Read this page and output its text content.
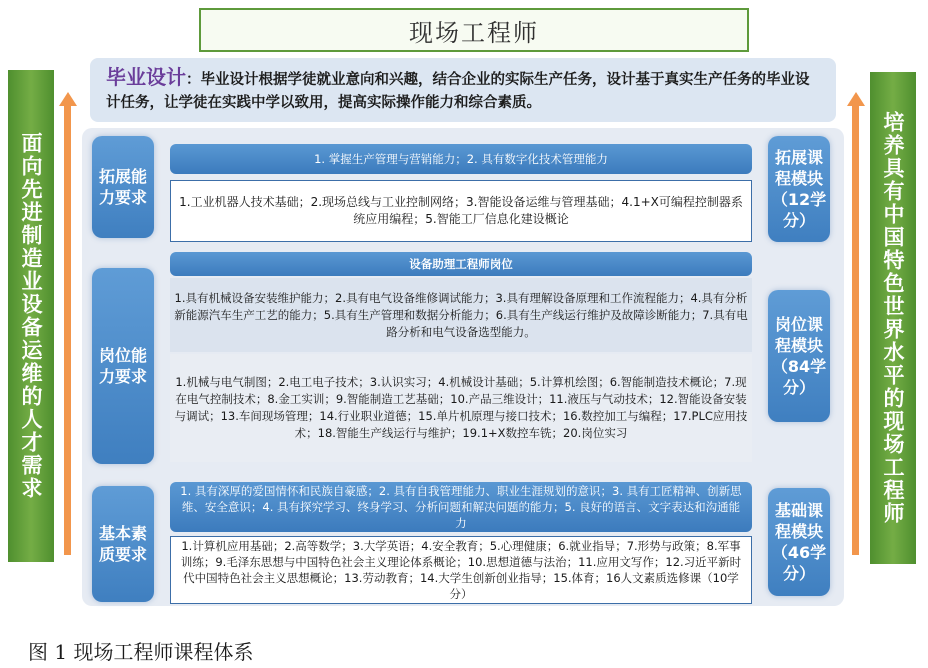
现场工程师
面向先进制造业设备运维的人才需求	培养具有中国特色世界水平的现场工程师
毕业设计：毕业设计根据学徒就业意向和兴趣，结合企业的实际生产任务，设计基于真实生产任务的毕业设计任务，让学徒在实践中学以致用，提高实际操作能力和综合素质。
拓展能力要求
1. 掌握生产管理与营销能力；2. 具有数字化技术管理能力
1.工业机器人技术基础；2.现场总线与工业控制网络；3.智能设备运维与管理基础；4.1+X可编程控制器系统应用编程；5.智能工厂信息化建设概论
拓展课程模块（12学分）
岗位能力要求
设备助理工程师岗位
1.具有机械设备安装维护能力；2.具有电气设备维修调试能力；3.具有理解设备原理和工作流程能力；4.具有分析新能源汽车生产工艺的能力；5.具有生产管理和数据分析能力；6.具有生产线运行维护及故障诊断能力；7.具有电路分析和电气设备选型能力。
1.机械与电气制图；2.电工电子技术；3.认识实习；4.机械设计基础；5.计算机绘图；6.智能制造技术概论；7.现在电气控制技术；8.金工实训；9.智能制造工艺基础；10.产品三维设计；11.液压与气动技术；12.智能设备安装与调试；13.车间现场管理；14.行业职业道德；15.单片机原理与接口技术；16.数控加工与编程；17.PLC应用技术；18.智能生产线运行与维护；19.1+X数控车铣；20.岗位实习
岗位课程模块（84学分）
基本素质要求
1. 具有深厚的爱国情怀和民族自豪感；2. 具有自我管理能力、职业生涯规划的意识；3. 具有工匠精神、创新思维、安全意识；4. 具有探究学习、终身学习、分析问题和解决问题的能力；5. 良好的语言、文字表达和沟通能力
1.计算机应用基础；2.高等数学；3.大学英语；4.安全教育；5.心理健康；6.就业指导；7.形势与政策；8.军事训练；9.毛泽东思想与中国特色社会主义理论体系概论；10.思想道德与法治；11.应用文写作；12.习近平新时代中国特色社会主义思想概论；13.劳动教育；14.大学生创新创业指导；15.体育；16人文素质选修课（10学分）
基础课程模块（46学分）
图 1 现场工程师课程体系
